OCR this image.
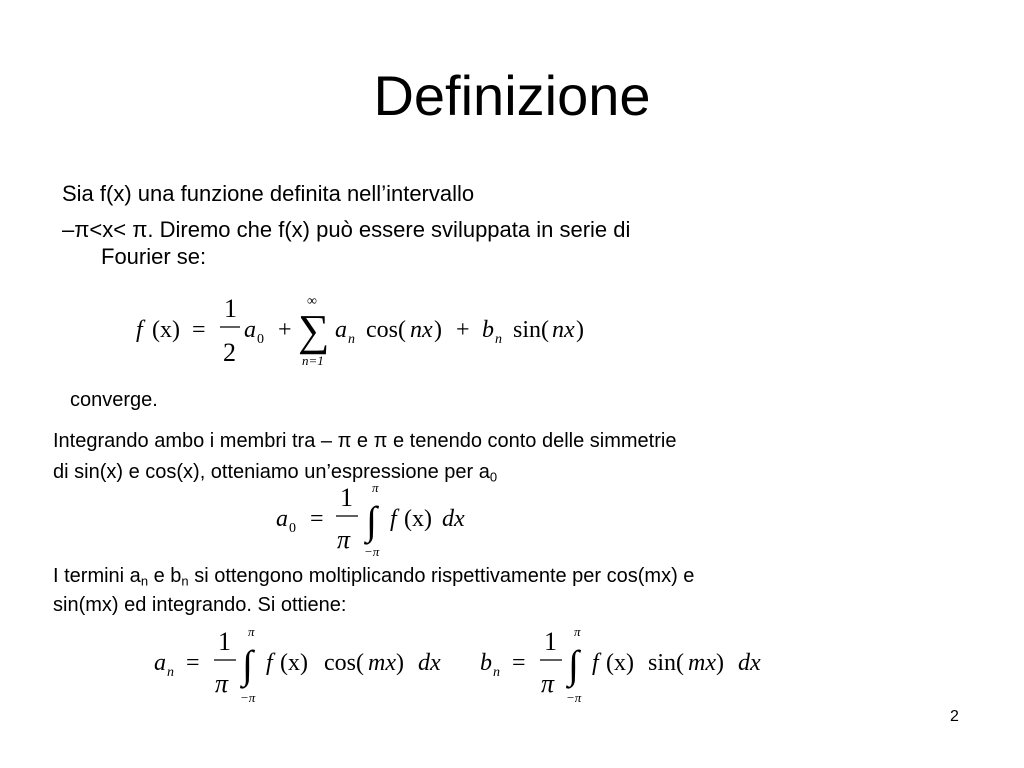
Definizione
Sia f(x) una funzione definita nell’intervallo
–π<x< π. Diremo che f(x) può essere sviluppata in serie di
Fourier se:
f (x) =
1
2
a 0 + ∑
∞
n=1
a n cos( nx ) + b n sin( nx )
converge.
Integrando ambo i membri tra – π e π e tenendo conto delle simmetrie
di sin(x) e cos(x), otteniamo un’espressione per $a_0$
a 0 =
1
π ∫
π
−π
f (x) dx
I termini $a_n$ e $b_n$ si ottengono moltiplicando rispettivamente per cos(mx) e
sin(mx) ed integrando. Si ottiene:
a n =
1
π ∫
π
−π
f (x) cos( mx ) dx b n =
1
π ∫
π
−π
f (x) sin( mx ) dx
2
